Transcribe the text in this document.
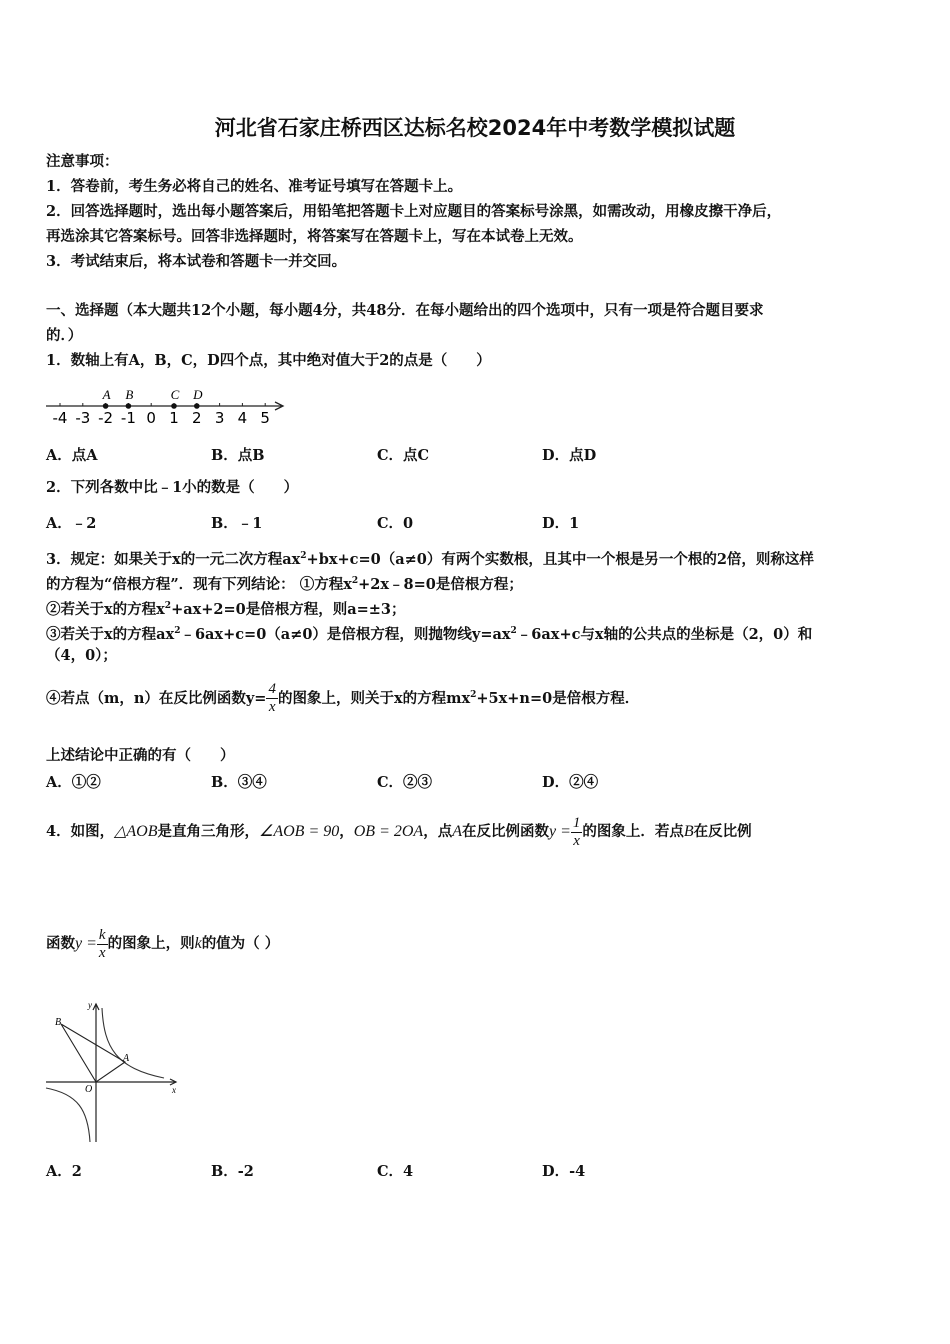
河北省石家庄桥西区达标名校2024年中考数学模拟试题
注意事项：
1．答卷前，考生务必将自己的姓名、准考证号填写在答题卡上。
2．回答选择题时，选出每小题答案后，用铅笔把答题卡上对应题目的答案标号涂黑，如需改动，用橡皮擦干净后，
再选涂其它答案标号。回答非选择题时，将答案写在答题卡上，写在本试卷上无效。
3．考试结束后，将本试卷和答题卡一并交回。
一、选择题（本大题共12个小题，每小题4分，共48分．在每小题给出的四个选项中，只有一项是符合题目要求
的．）
1．数轴上有A，B，C，D四个点，其中绝对值大于2的点是（　　）
-4 -3 -2 -1 0 1 2 3 4 5
A B	C D
A．点A	B．点B	C．点C	D．点D
2．下列各数中比﹣1小的数是（　　）
A．﹣2	B．﹣1	C．0	D．1
3．规定：如果关于x的一元二次方程$ax^2+bx+c=0(a\ne 0)$有两个实数根，且其中一个根是另一个根的2倍，则称这样
的方程为“倍根方程”．现有下列结论： ①方程$x^2+2x﹣8=0$是倍根方程；
②若关于x的方程$x^2+ax+2=0$是倍根方程，则a=±3；
③若关于x的方程$ax^2﹣6ax+c=0(a\ne 0)$是倍根方程，则抛物线$y=ax^2﹣6ax+c$与x轴的公共点的坐标是（2，0）和
（4，0）；
④若点（m，n）在反比例函数$y= \frac{4}{x}$ 的图象上，则关于x的方程$mx^2+5x+n=0$是倍根方程．
上述结论中正确的有（　　）
A．①②	B．③④	C．②③	D．②④
4．如图，△AOB是直角三角形，∠AOB = 90，OB = 2OA，点A在反比例函数$y = \frac{1}{x}$ 的图象上．若点B在反比例
函数$y = \frac{k}{x}$ 的图象上，则k的值为（ ）
y
x
O
A
B
A．2	B．-2	C．4	D．-4
